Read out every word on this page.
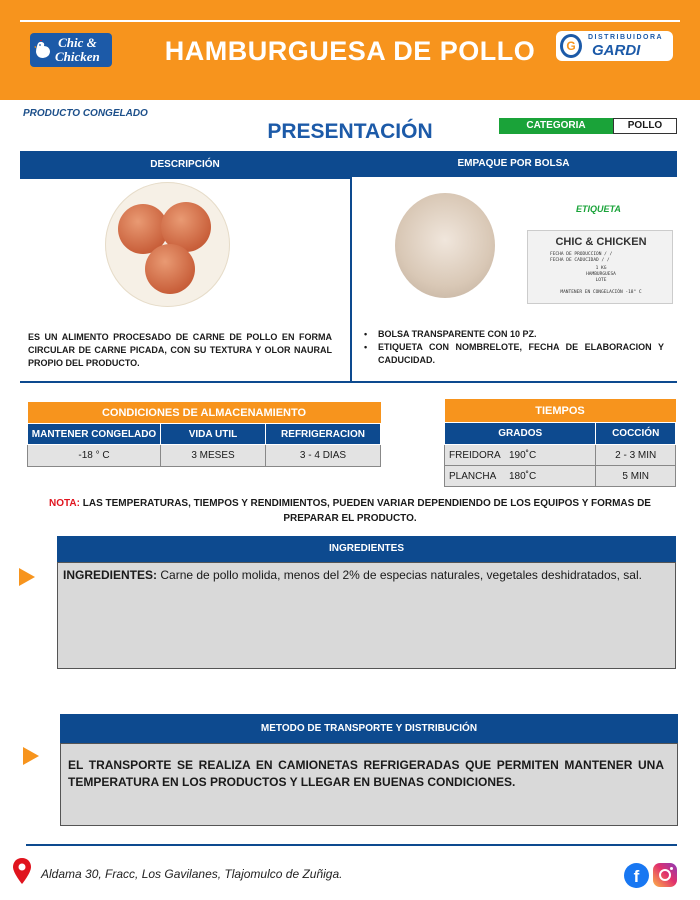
Chic &
Chicken	HAMBURGUESA DE POLLO	G
DISTRIBUIDORA
GARDI
PRODUCTO CONGELADO
PRESENTACIÓN	CATEGORIA	POLLO
DESCRIPCIÓN	EMPAQUE POR BOLSA
ETIQUETA
CHIC & CHICKEN
FECHA DE PRODUCCION / /
FECHA DE CADUCIDAD / /
1 KG
HAMBURGUESA
LOTE
MANTENER EN CONGELACIÓN -18° C
ES UN ALIMENTO PROCESADO DE CARNE DE POLLO EN FORMA CIRCULAR DE CARNE PICADA, CON SU TEXTURA Y OLOR NAURAL PROPIO DEL PRODUCTO.
• BOLSA TRANSPARENTE CON 10 PZ.
• ETIQUETA CON NOMBRELOTE, FECHA DE ELABORACION Y CADUCIDAD.
CONDICIONES DE ALMACENAMIENTO		
MANTENER CONGELADO	VIDA UTIL	REFRIGERACION
-18 ° C	3 MESES	3 - 4 DIAS
TIEMPOS		
GRADOS		COCCIÓN
FREIDORA	190˚C	2 - 3 MIN
PLANCHA	180˚C	5 MIN
NOTA: LAS TEMPERATURAS, TIEMPOS Y RENDIMIENTOS, PUEDEN VARIAR DEPENDIENDO DE LOS EQUIPOS Y FORMAS DE PREPARAR EL PRODUCTO.
INGREDIENTES
INGREDIENTES: Carne de pollo molida, menos del 2% de especias naturales, vegetales deshidratados, sal.
METODO DE TRANSPORTE Y DISTRIBUCIÓN
EL TRANSPORTE SE REALIZA EN CAMIONETAS REFRIGERADAS QUE PERMITEN MANTENER UNA TEMPERATURA EN LOS PRODUCTOS Y LLEGAR EN BUENAS CONDICIONES.
Aldama 30, Fracc, Los Gavilanes, Tlajomulco de Zuñiga.	f
